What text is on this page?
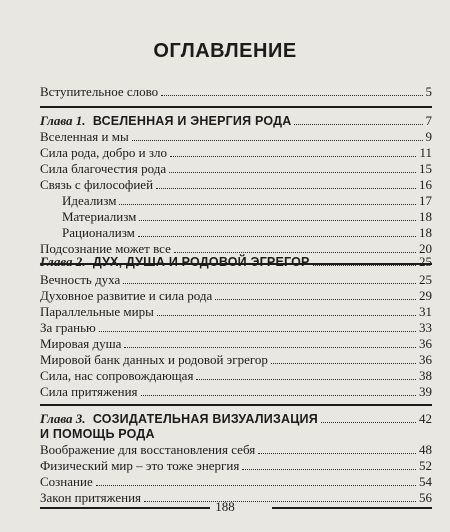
ОГЛАВЛЕНИЕ
Вступительное слово	5
Глава 1. ВСЕЛЕННАЯ И ЭНЕРГИЯ РОДА	7
Вселенная и мы	9
Сила рода, добро и зло	11
Сила благочестия рода	15
Связь с философией	16
Идеализм	17
Материализм	18
Рационализм	18
Подсознание может все	20
Глава 2. ДУХ, ДУША И РОДОВОЙ ЭГРЕГОР	25
Вечность духа	25
Духовное развитие и сила рода	29
Параллельные миры	31
За гранью	33
Мировая душа	36
Мировой банк данных и родовой эгрегор	36
Сила, нас сопровождающая	38
Сила притяжения	39
Глава 3. СОЗИДАТЕЛЬНАЯ ВИЗУАЛИЗАЦИЯ	42
И ПОМОЩЬ РОДА
Воображение для восстановления себя	48
Физический мир – это тоже энергия	52
Сознание	54
Закон притяжения	56
188
